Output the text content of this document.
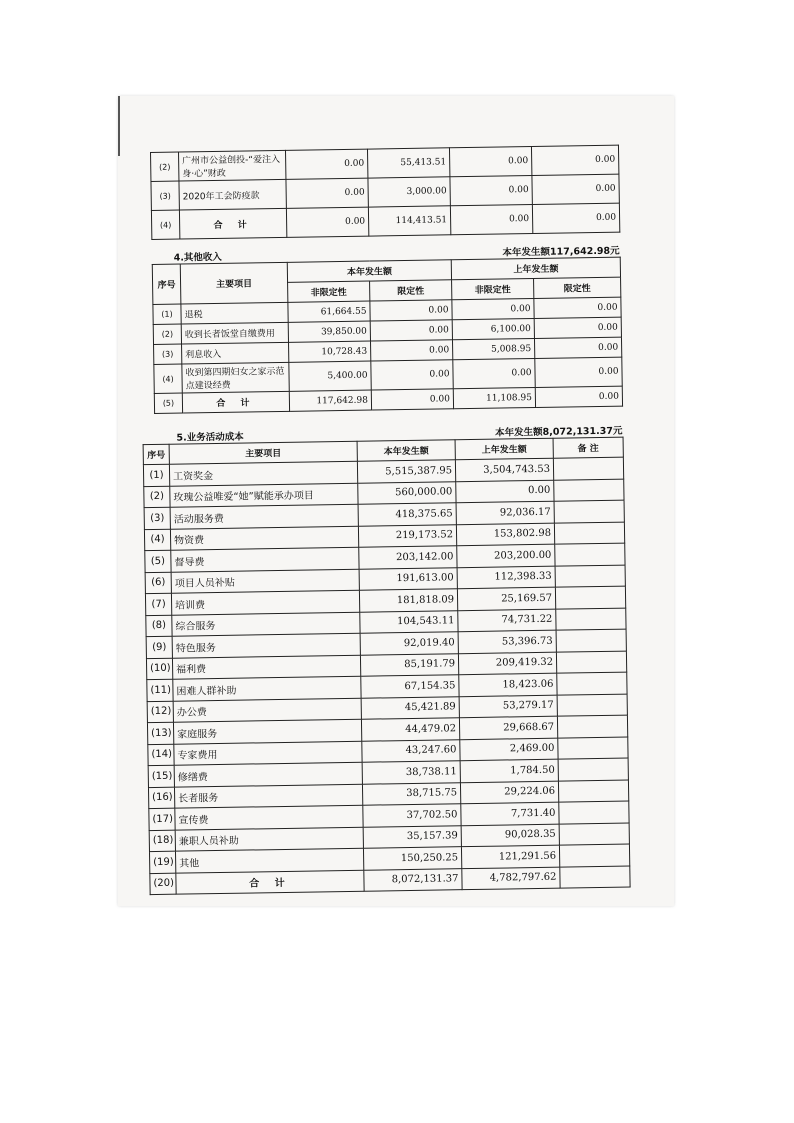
(2)	广州市公益创投-“爱注入身·心”财政	0.00	55,413.51	0.00	0.00
(3)	2020年工会防疫款	0.00	3,000.00	0.00	0.00
(4)	合 计	0.00	114,413.51	0.00	0.00
4.其他收入	本年发生额117,642.98元
序号	主要项目	本年发生额		上年发生额	
		非限定性	限定性	非限定性	限定性
(1)	退税	61,664.55	0.00	0.00	0.00
(2)	收到长者饭堂自缴费用	39,850.00	0.00	6,100.00	0.00
(3)	利息收入	10,728.43	0.00	5,008.95	0.00
(4)	收到第四期妇女之家示范点建设经费	5,400.00	0.00	0.00	0.00
(5)	合 计	117,642.98	0.00	11,108.95	0.00
5.业务活动成本	本年发生额8,072,131.37元
序号	主要项目	本年发生额	上年发生额	备 注
(1)	工资奖金	5,515,387.95	3,504,743.53	
(2)	玫瑰公益唯爱“她”赋能承办项目	560,000.00	0.00	
(3)	活动服务费	418,375.65	92,036.17	
(4)	物资费	219,173.52	153,802.98	
(5)	督导费	203,142.00	203,200.00	
(6)	项目人员补贴	191,613.00	112,398.33	
(7)	培训费	181,818.09	25,169.57	
(8)	综合服务	104,543.11	74,731.22	
(9)	特色服务	92,019.40	53,396.73	
(10)	福利费	85,191.79	209,419.32	
(11)	困难人群补助	67,154.35	18,423.06	
(12)	办公费	45,421.89	53,279.17	
(13)	家庭服务	44,479.02	29,668.67	
(14)	专家费用	43,247.60	2,469.00	
(15)	修缮费	38,738.11	1,784.50	
(16)	长者服务	38,715.75	29,224.06	
(17)	宣传费	37,702.50	7,731.40	
(18)	兼职人员补助	35,157.39	90,028.35	
(19)	其他	150,250.25	121,291.56	
(20)	合 计	8,072,131.37	4,782,797.62	
